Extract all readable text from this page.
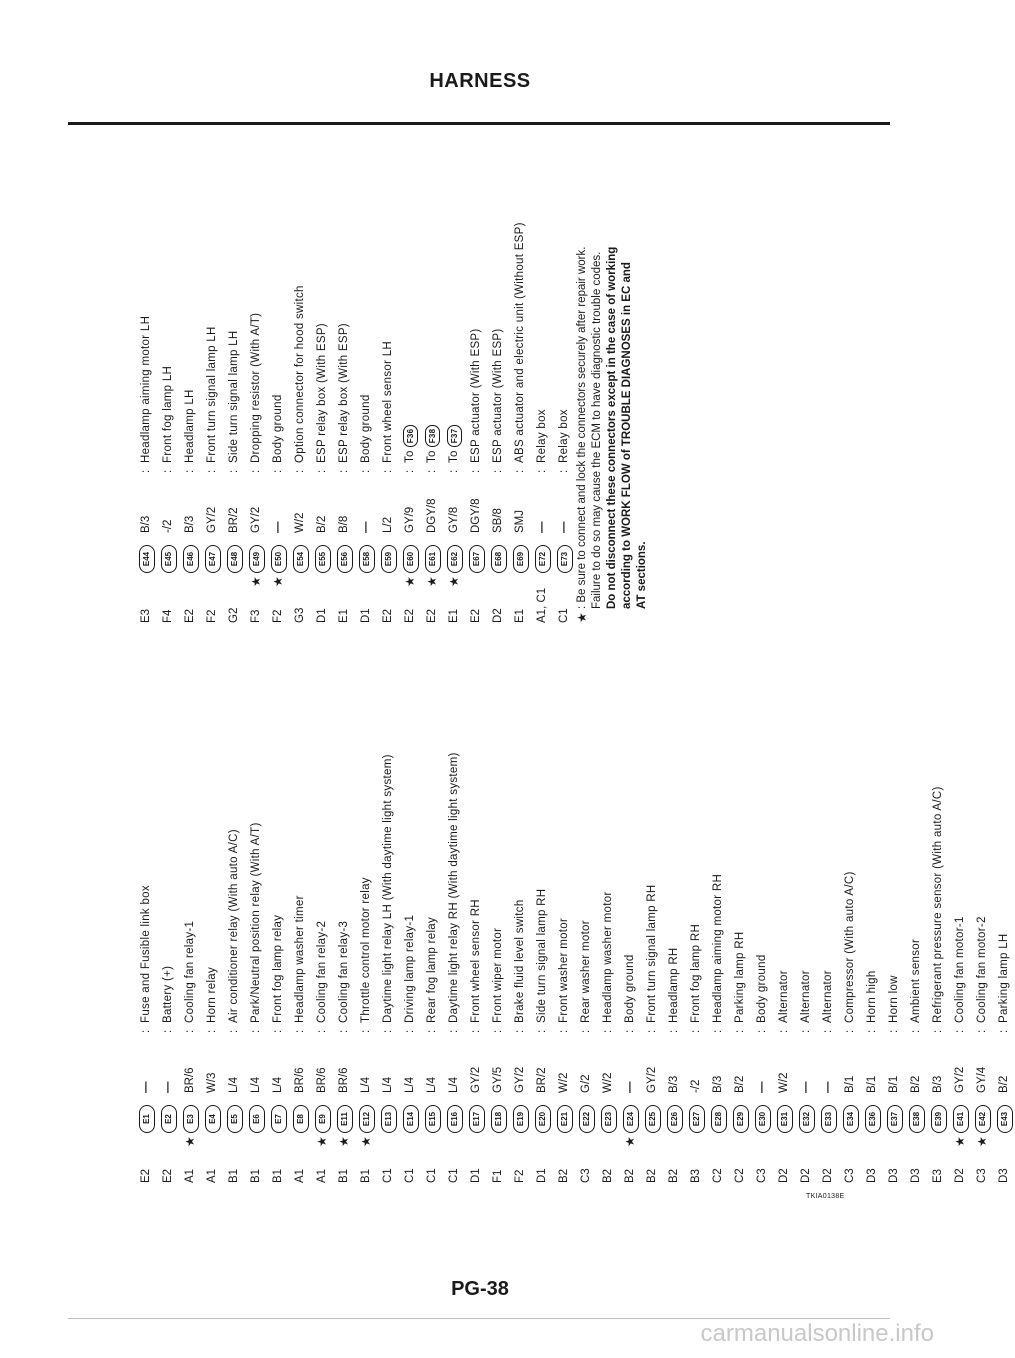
HARNESS
E2
E1
—
:
Fuse and Fusible link box
E2
E2
—
:
Battery (+)
A1
★
E3
BR/6
:
Cooling fan relay-1
A1
E4
W/3
:
Horn relay
B1
E5
L/4
:
Air conditioner relay (With auto A/C)
B1
E6
L/4
:
Park/Neutral position relay (With A/T)
B1
E7
L/4
:
Front fog lamp relay
A1
E8
BR/6
:
Headlamp washer timer
A1
★
E9
BR/6
:
Cooling fan relay-2
B1
★
E11
BR/6
:
Cooling fan relay-3
B1
★
E12
L/4
:
Throttle control motor relay
C1
E13
L/4
:
Daytime light relay LH (With daytime light system)
C1
E14
L/4
:
Driving lamp relay-1
C1
E15
L/4
:
Rear fog lamp relay
C1
E16
L/4
:
Daytime light relay RH (With daytime light system)
D1
E17
GY/2
:
Front wheel sensor RH
F1
E18
GY/5
:
Front wiper motor
F2
E19
GY/2
:
Brake fluid level switch
D1
E20
BR/2
:
Side turn signal lamp RH
B2
E21
W/2
:
Front washer motor
C3
E22
G/2
:
Rear washer motor
B2
E23
W/2
:
Headlamp washer motor
B2
★
E24
—
:
Body ground
B2
E25
GY/2
:
Front turn signal lamp RH
B2
E26
B/3
:
Headlamp RH
B3
E27
-/2
:
Front fog lamp RH
C2
E28
B/3
:
Headlamp aiming motor RH
C2
E29
B/2
:
Parking lamp RH
C3
E30
—
:
Body ground
D2
E31
W/2
:
Alternator
D2
E32
—
:
Alternator
D2
E33
—
:
Alternator
C3
E34
B/1
:
Compressor (With auto A/C)
D3
E36
B/1
:
Horn high
D3
E37
B/1
:
Horn low
D3
E38
B/2
:
Ambient sensor
E3
E39
B/3
:
Refrigerant pressure sensor (With auto A/C)
D2
★
E41
GY/2
:
Cooling fan motor-1
C3
★
E42
GY/4
:
Cooling fan motor-2
D3
E43
B/2
:
Parking lamp LH
E3
E44
B/3
:
Headlamp aiming motor LH
F4
E45
-/2
:
Front fog lamp LH
E2
E46
B/3
:
Headlamp LH
F2
E47
GY/2
:
Front turn signal lamp LH
G2
E48
BR/2
:
Side turn signal lamp LH
F3
★
E49
GY/2
:
Dropping resistor (With A/T)
F2
★
E50
—
:
Body ground
G3
E54
W/2
:
Option connector for hood switch
D1
E55
B/2
:
ESP relay box (With ESP)
E1
E56
B/8
:
ESP relay box (With ESP)
D1
E58
—
:
Body ground
E2
E59
L/2
:
Front wheel sensor LH
E2
★
E60
GY/9
:
ToF36
E2
★
E61
DGY/8
:
ToF38
E1
★
E62
GY/8
:
ToF37
E2
E67
DGY/8
:
ESP actuator (With ESP)
D2
E68
SB/8
:
ESP actuator (With ESP)
E1
E69
SMJ
:
ABS actuator and electric unit (Without ESP)
A1, C1
E72
—
:
Relay box
C1
E73
—
:
Relay box
★
: Be sure to connect and lock the connectors securely after repair work. Failure to do so may cause the ECM to have diagnostic trouble codes. Do not disconnect these connectors except in the case of working according to WORK FLOW of TROUBLE DIAGNOSES in EC and AT sections.
TKIA0138E
PG-38
carmanualsonline.info
